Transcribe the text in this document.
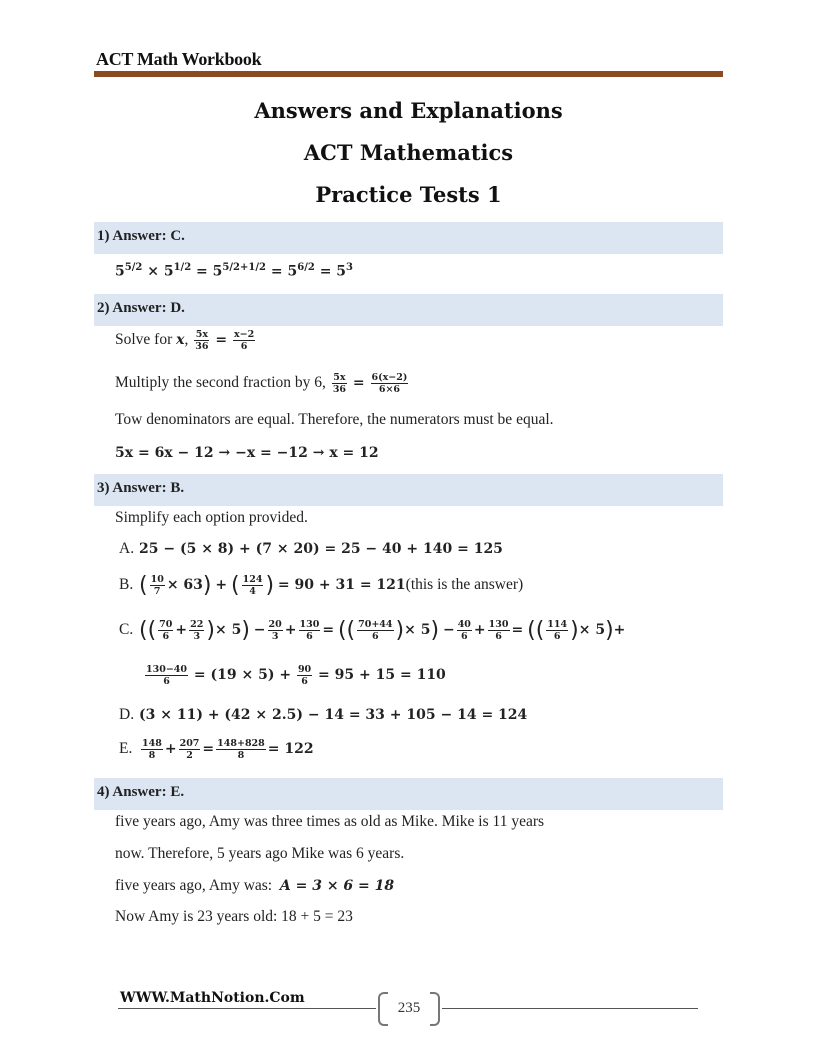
ACT Math Workbook
Answers and Explanations
ACT Mathematics
Practice Tests 1
1) Answer: C.
$5^{5/2} \times 5^{1/2} = 5^{5/2+1/2} = 5^{6/2} = 5^3$
2) Answer: D.
Solve for x, $\frac{5x}{36} = \frac{x-2}{6}$
Multiply the second fraction by 6, $\frac{5x}{36} = \frac{6(x-2)}{6\times 6}$
Tow denominators are equal. Therefore, the numerators must be equal.
5x = 6x − 12 → −x = −12 → x = 12
3) Answer: B.
Simplify each option provided.
A. 25 − (5 × 8) + (7 × 20) = 25 − 40 + 140 = 125
B. ( $\frac{10}{7} \times 63$) + ( $\frac{124}{4}$ ) = 90 + 31 = 121(this is the answer)
C. (( $\frac{70}{6} + \frac{22}{3}$ )× $5) - \frac{20}{3} + \frac{130}{6}$ = (( $\frac{70+44}{6}$ )× $5) - \frac{40}{6} + \frac{130}{6}$ = (( $\frac{114}{6}$ )× 5)+
$\frac{130-40}{6} = (19 \times 5) + \frac{90}{6} = 95 + 15 = 110$
D. (3 × 11) + (42 × 2.5) − 14 = 33 + 105 − 14 = 124
E. $\frac{148}{8} + \frac{207}{2} = \frac{148+828}{8} = 122$
4) Answer: E.
five years ago, Amy was three times as old as Mike. Mike is 11 years
now. Therefore, 5 years ago Mike was 6 years.
five years ago, Amy was: A = 3 × 6 = 18
Now Amy is 23 years old: 18 + 5 = 23
WWW.MathNotion.Com
235
